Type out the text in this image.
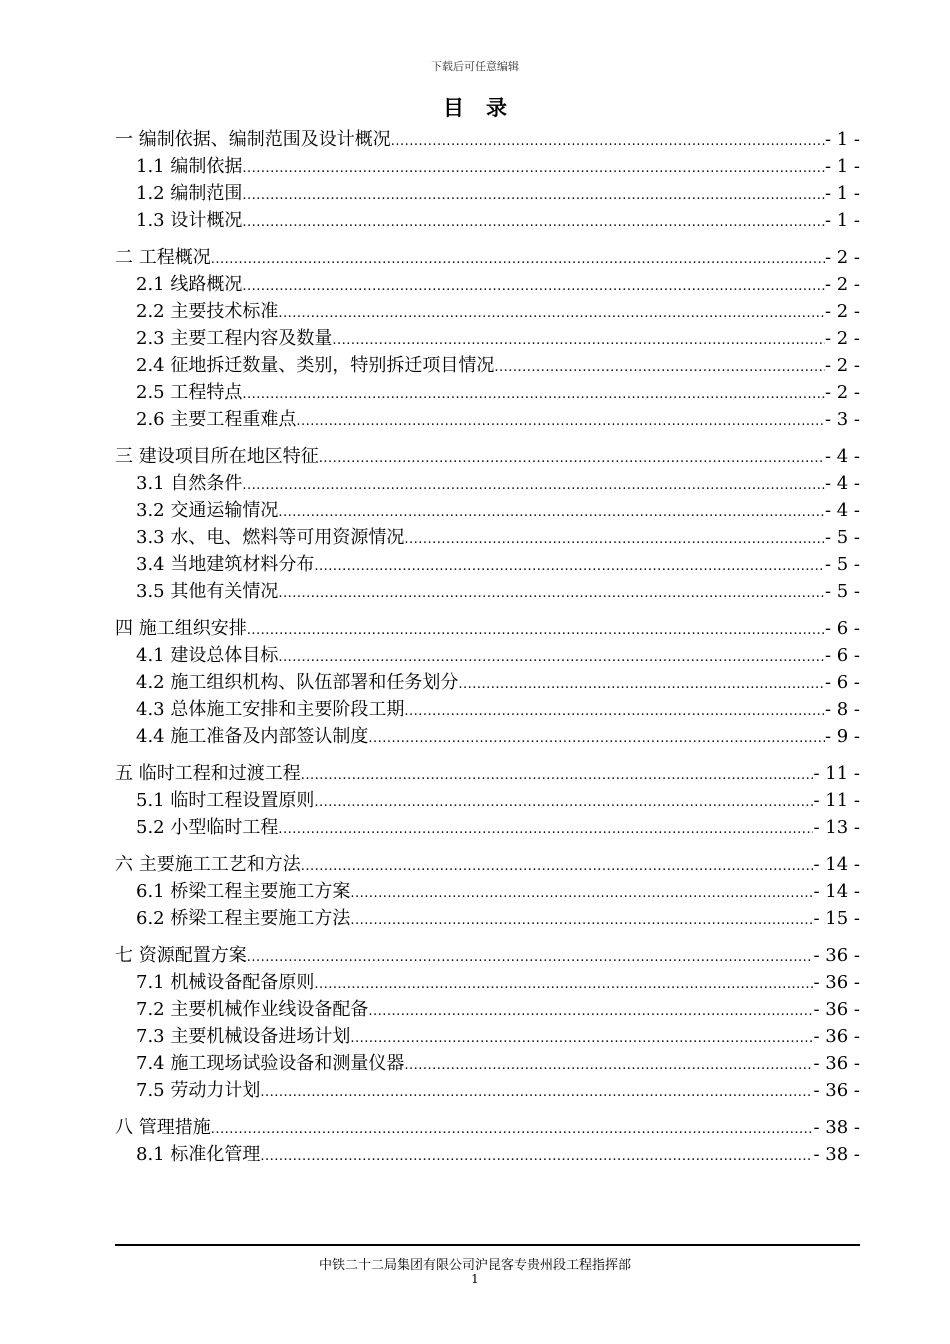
下载后可任意编辑
目录
一 编制依据、编制范围及设计概况 .....	- 1 -
1.1 编制依据 .....	- 1 -
1.2 编制范围 .....	- 1 -
1.3 设计概况 .....	- 1 -
二 工程概况 .....	- 2 -
2.1 线路概况 .....	- 2 -
2.2 主要技术标准 .....	- 2 -
2.3 主要工程内容及数量 .....	- 2 -
2.4 征地拆迁数量、类别，特别拆迁项目情况 .....	- 2 -
2.5 工程特点 .....	- 2 -
2.6 主要工程重难点 .....	- 3 -
三 建设项目所在地区特征 .....	- 4 -
3.1 自然条件 .....	- 4 -
3.2 交通运输情况 .....	- 4 -
3.3 水、电、燃料等可用资源情况 .....	- 5 -
3.4 当地建筑材料分布 .....	- 5 -
3.5 其他有关情况 .....	- 5 -
四 施工组织安排 .....	- 6 -
4.1 建设总体目标 .....	- 6 -
4.2 施工组织机构、队伍部署和任务划分 .....	- 6 -
4.3 总体施工安排和主要阶段工期 .....	- 8 -
4.4 施工准备及内部签认制度 .....	- 9 -
五 临时工程和过渡工程 .....	- 11 -
5.1 临时工程设置原则 .....	- 11 -
5.2 小型临时工程 .....	- 13 -
六 主要施工工艺和方法 .....	- 14 -
6.1 桥梁工程主要施工方案 .....	- 14 -
6.2 桥梁工程主要施工方法 .....	- 15 -
七 资源配置方案 .....	- 36 -
7.1 机械设备配备原则 .....	- 36 -
7.2 主要机械作业线设备配备 .....	- 36 -
7.3 主要机械设备进场计划 .....	- 36 -
7.4 施工现场试验设备和测量仪器 .....	- 36 -
7.5 劳动力计划 .....	- 36 -
八 管理措施 .....	- 38 -
8.1 标准化管理 .....	- 38 -
中铁二十二局集团有限公司沪昆客专贵州段工程指挥部
1
